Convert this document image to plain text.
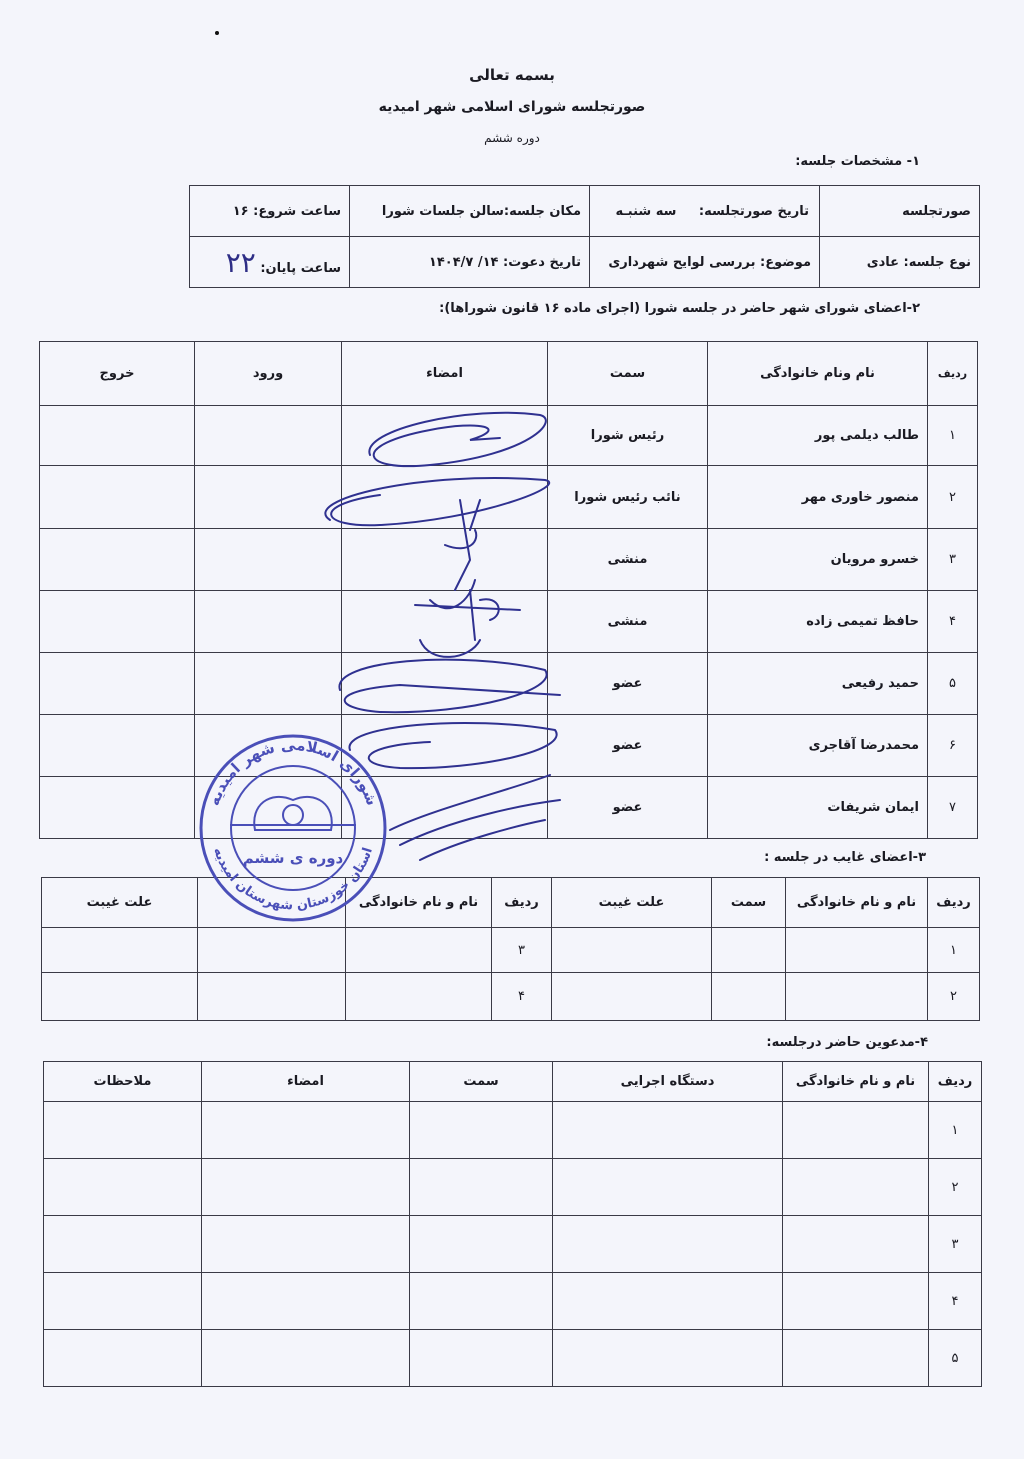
بسمه تعالی
صورتجلسه شورای اسلامی شهر امیدیه
دوره ششم
۱- مشخصات جلسه:
صورتجلسه	تاریخ صورتجلسه: سه شنبـه	مکان جلسه:سالن جلسات شورا	ساعت شروع: ۱۶
نوع جلسه: عادی	موضوع: بررسی لوایح شهرداری	تاریخ دعوت: ۱۴/ ۱۴۰۴/۷	ساعت پایان: ۲۲
۲-اعضای شورای شهر حاضر در جلسه شورا (اجرای ماده ۱۶ قانون شوراها):
ردیف	نام ونام خانوادگی	سمت	امضاء	ورود	خروج
۱	طالب دیلمی پور	رئیس شورا			
۲	منصور خاوری مهر	نائب رئیس شورا			
۳	خسرو مرویان	منشی			
۴	حافظ تمیمی زاده	منشی			
۵	حمید رفیعی	عضو			
۶	محمدرضا آقاجری	عضو			
۷	ایمان شریفات	عضو			
۳-اعضای غایب در جلسه :
ردیف	نام و نام خانوادگی	سمت	علت غیبت	ردیف	نام و نام خانوادگی		علت غیبت
۱				۳			
۲				۴			
۴-مدعوین حاضر درجلسه:
ردیف	نام و نام خانوادگی	دستگاه اجرایی	سمت	امضاء	ملاحظات
۱					
۲					
۳					
۴					
۵					
شورای اسلامی شهر امیدیه
استان خوزستان شهرستان امیدیه
دوره ی ششم
